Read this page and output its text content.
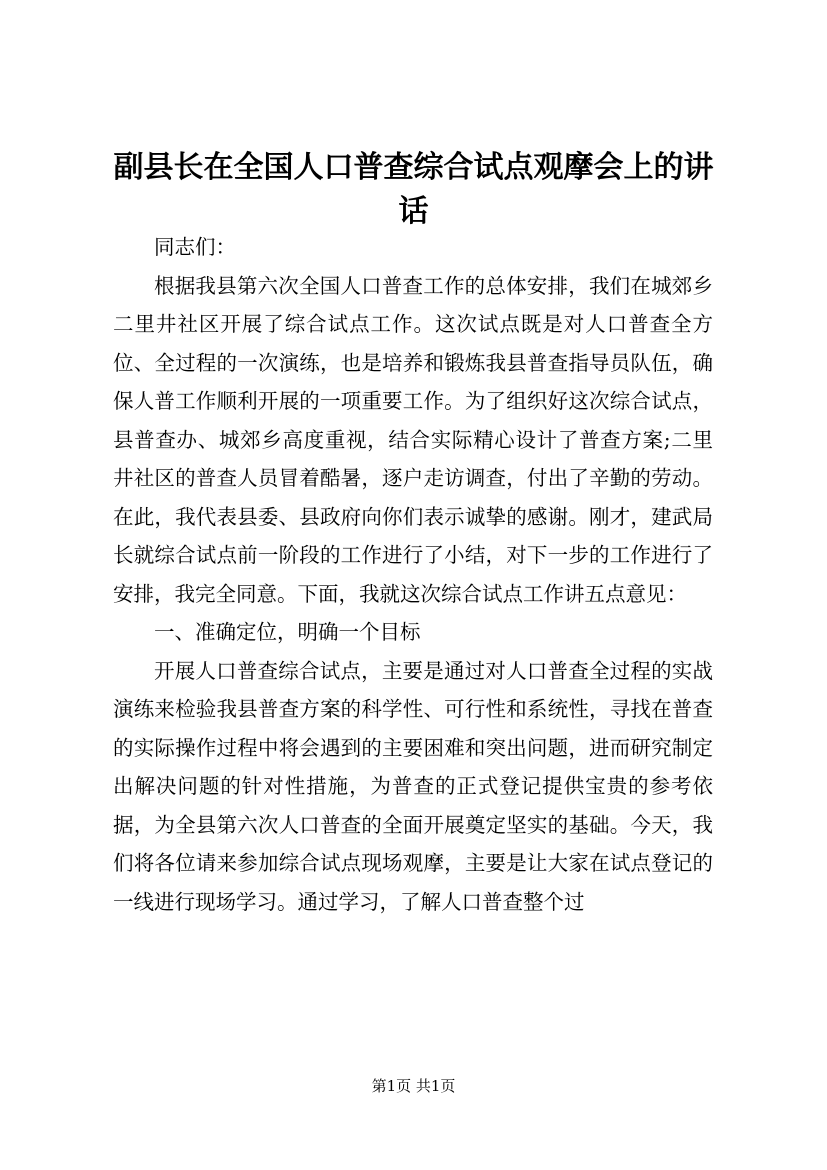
副县长在全国人口普查综合试点观摩会上的讲话

同志们：

根据我县第六次全国人口普查工作的总体安排，我们在城郊乡二里井社区开展了综合试点工作。这次试点既是对人口普查全方位、全过程的一次演练，也是培养和锻炼我县普查指导员队伍，确保人普工作顺利开展的一项重要工作。为了组织好这次综合试点，县普查办、城郊乡高度重视，结合实际精心设计了普查方案;二里井社区的普查人员冒着酷暑，逐户走访调查，付出了辛勤的劳动。在此，我代表县委、县政府向你们表示诚挚的感谢。刚才，建武局长就综合试点前一阶段的工作进行了小结，对下一步的工作进行了安排，我完全同意。下面，我就这次综合试点工作讲五点意见：

一、准确定位，明确一个目标

开展人口普查综合试点，主要是通过对人口普查全过程的实战演练来检验我县普查方案的科学性、可行性和系统性，寻找在普查的实际操作过程中将会遇到的主要困难和突出问题，进而研究制定出解决问题的针对性措施，为普查的正式登记提供宝贵的参考依据，为全县第六次人口普查的全面开展奠定坚实的基础。今天，我们将各位请来参加综合试点现场观摩，主要是让大家在试点登记的一线进行现场学习。通过学习，了解人口普查整个过

第1页 共1页
